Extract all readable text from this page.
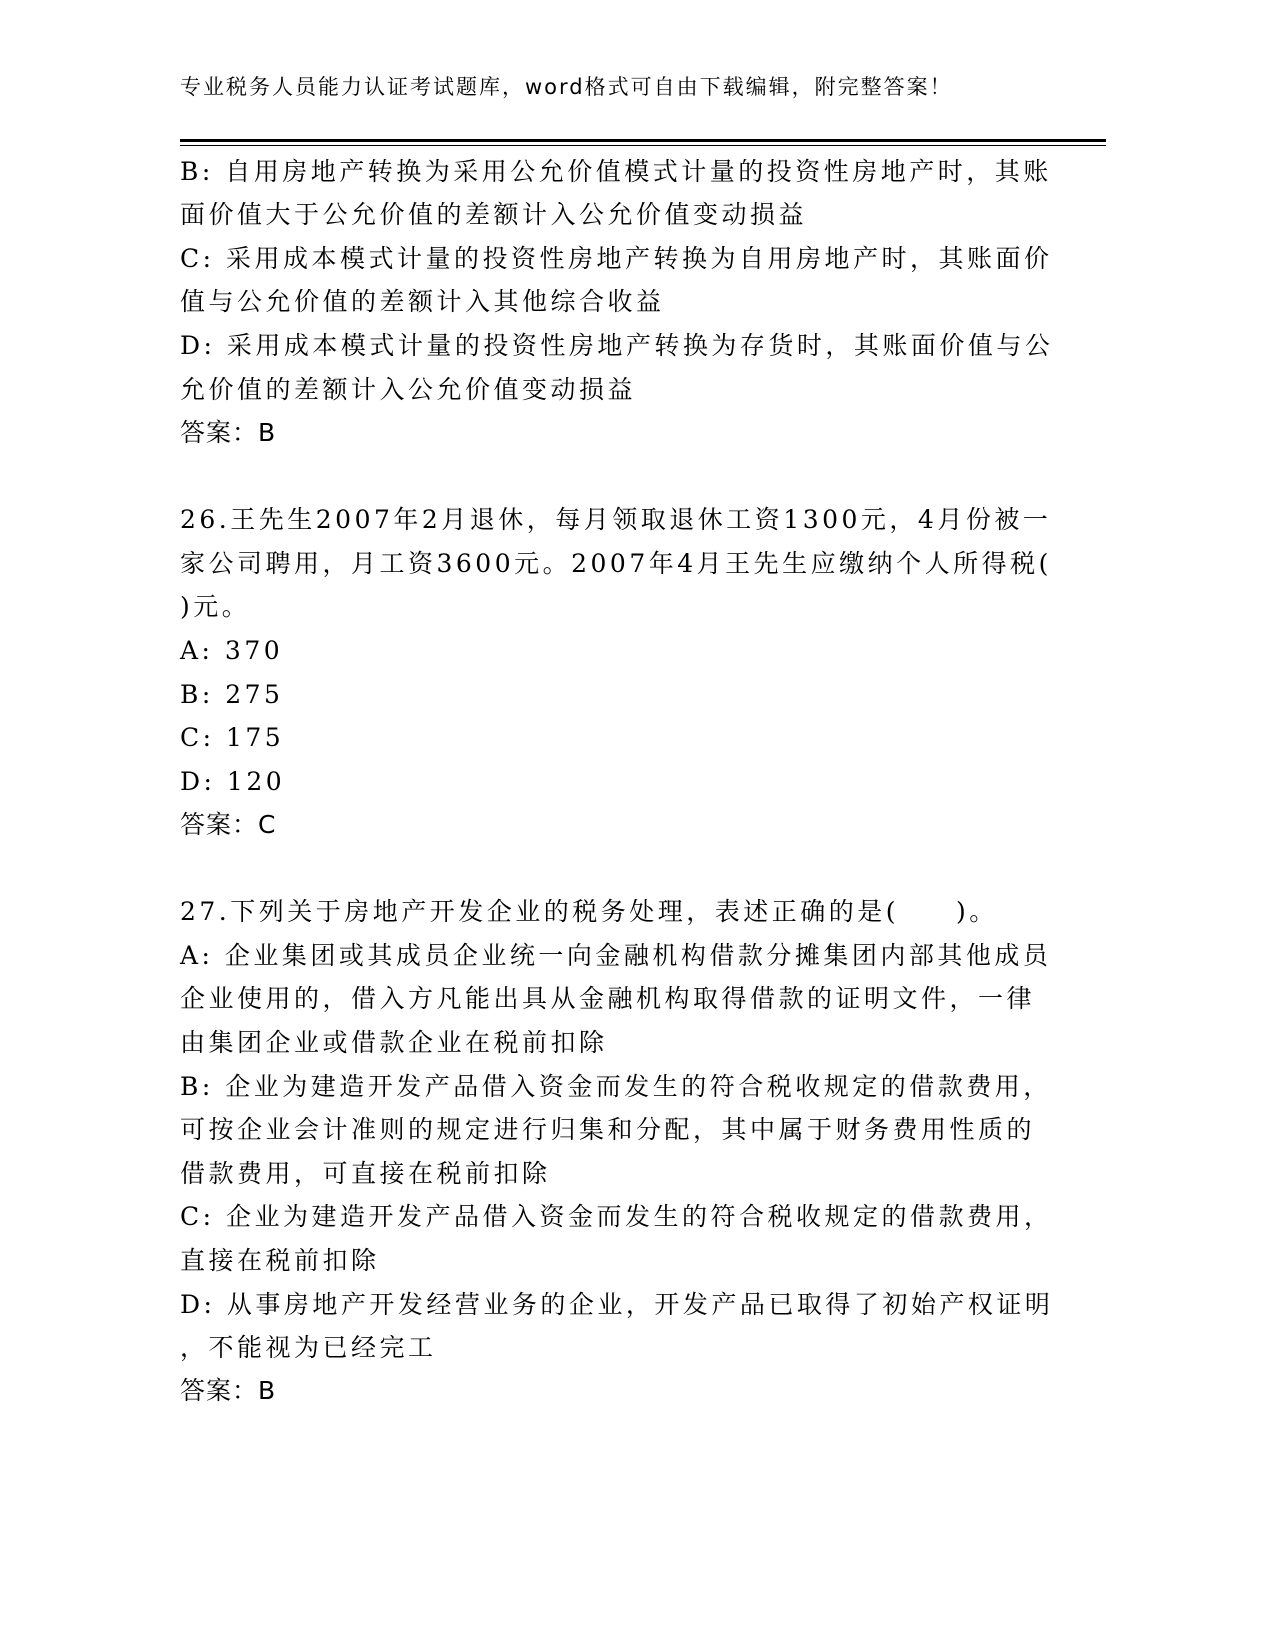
专业税务人员能力认证考试题库，word格式可自由下载编辑，附完整答案！
B: 自用房地产转换为采用公允价值模式计量的投资性房地产时，其账
面价值大于公允价值的差额计入公允价值变动损益
C: 采用成本模式计量的投资性房地产转换为自用房地产时，其账面价
值与公允价值的差额计入其他综合收益
D: 采用成本模式计量的投资性房地产转换为存货时，其账面价值与公
允价值的差额计入公允价值变动损益
答案：B
26.王先生2007年2月退休，每月领取退休工资1300元，4月份被一
家公司聘用，月工资3600元。2007年4月王先生应缴纳个人所得税(
)元。
A: 370
B: 275
C: 175
D: 120
答案：C
27.下列关于房地产开发企业的税务处理，表述正确的是(　　)。
A: 企业集团或其成员企业统一向金融机构借款分摊集团内部其他成员
企业使用的，借入方凡能出具从金融机构取得借款的证明文件，一律
由集团企业或借款企业在税前扣除
B: 企业为建造开发产品借入资金而发生的符合税收规定的借款费用，
可按企业会计准则的规定进行归集和分配，其中属于财务费用性质的
借款费用，可直接在税前扣除
C: 企业为建造开发产品借入资金而发生的符合税收规定的借款费用，
直接在税前扣除
D: 从事房地产开发经营业务的企业，开发产品已取得了初始产权证明
，不能视为已经完工
答案：B
